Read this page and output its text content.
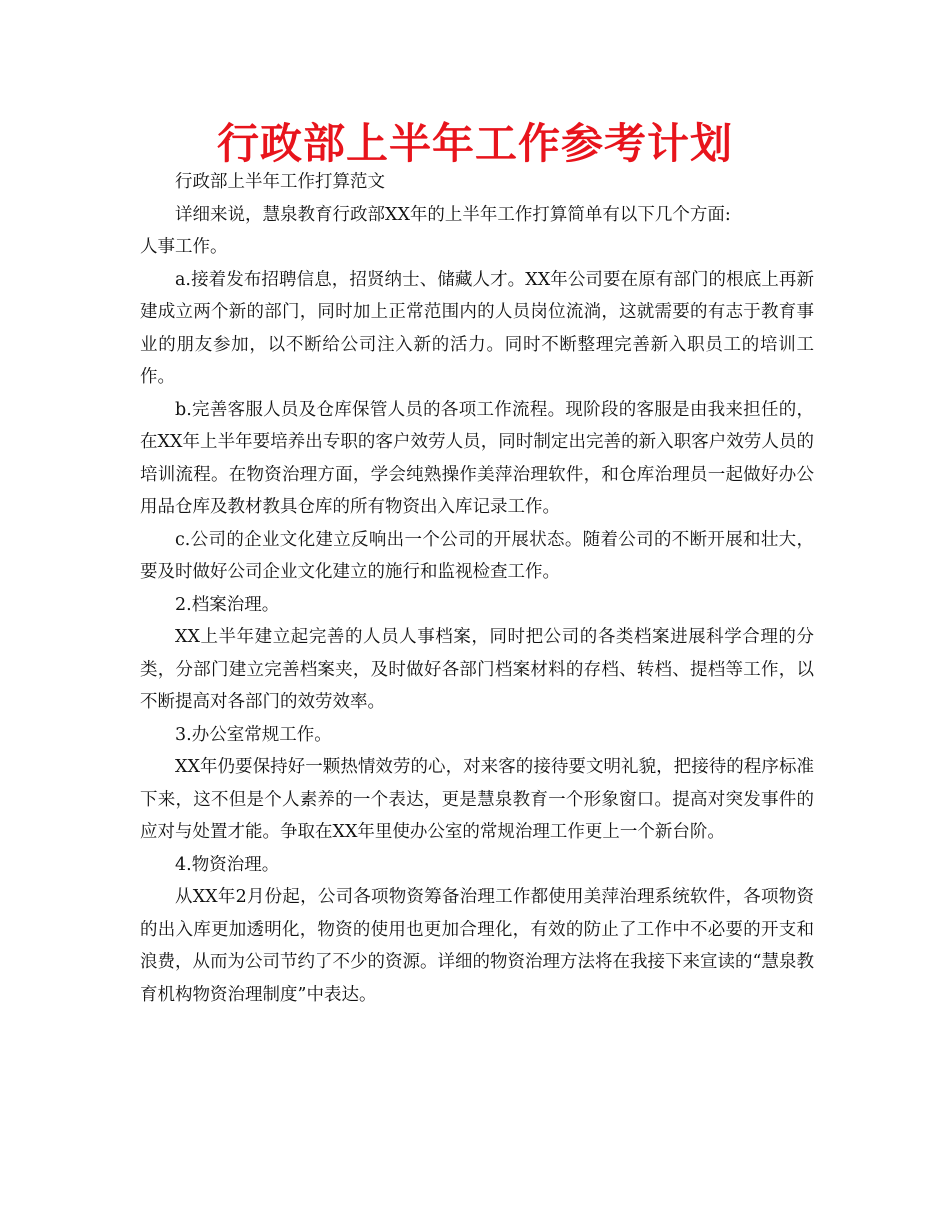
行政部上半年工作参考计划

行政部上半年工作打算范文

详细来说，慧泉教育行政部XX年的上半年工作打算简单有以下几个方面:

人事工作。

a.接着发布招聘信息，招贤纳士、储藏人才。XX年公司要在原有部门的根底上再新建成立两个新的部门，同时加上正常范围内的人员岗位流淌，这就需要的有志于教育事业的朋友参加，以不断给公司注入新的活力。同时不断整理完善新入职员工的培训工作。

b.完善客服人员及仓库保管人员的各项工作流程。现阶段的客服是由我来担任的，在XX年上半年要培养出专职的客户效劳人员，同时制定出完善的新入职客户效劳人员的培训流程。在物资治理方面，学会纯熟操作美萍治理软件，和仓库治理员一起做好办公用品仓库及教材教具仓库的所有物资出入库记录工作。

c.公司的企业文化建立反响出一个公司的开展状态。随着公司的不断开展和壮大，要及时做好公司企业文化建立的施行和监视检查工作。

2.档案治理。

XX上半年建立起完善的人员人事档案，同时把公司的各类档案进展科学合理的分类，分部门建立完善档案夹，及时做好各部门档案材料的存档、转档、提档等工作，以不断提高对各部门的效劳效率。

3.办公室常规工作。

XX年仍要保持好一颗热情效劳的心，对来客的接待要文明礼貌，把接待的程序标准下来，这不但是个人素养的一个表达，更是慧泉教育一个形象窗口。提高对突发事件的应对与处置才能。争取在XX年里使办公室的常规治理工作更上一个新台阶。

4.物资治理。

从XX年2月份起，公司各项物资筹备治理工作都使用美萍治理系统软件，各项物资的出入库更加透明化，物资的使用也更加合理化，有效的防止了工作中不必要的开支和浪费，从而为公司节约了不少的资源。详细的物资治理方法将在我接下来宣读的“慧泉教育机构物资治理制度”中表达。
